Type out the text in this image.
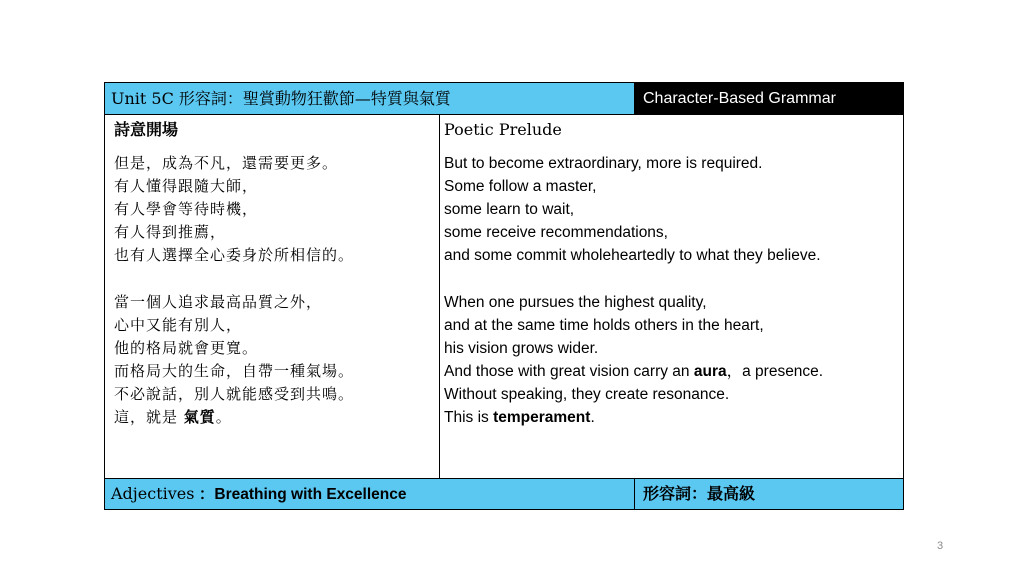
Unit 5C 形容詞：聖賞動物狂歡節—特質與氣質	Character-Based Grammar
詩意開場
但是，成為不凡，還需要更多。
有人懂得跟隨大師，
有人學會等待時機，
有人得到推薦，
也有人選擇全心委身於所相信的。
當一個人追求最高品質之外，
心中又能有別人，
他的格局就會更寬。
而格局大的生命，自帶一種氣場。
不必說話，別人就能感受到共鳴。
這，就是 氣質。
Poetic Prelude
But to become extraordinary, more is required.
Some follow a master,
some learn to wait,
some receive recommendations,
and some commit wholeheartedly to what they believe.
When one pursues the highest quality,
and at the same time holds others in the heart,
his vision grows wider.
And those with great vision carry an aura，a presence.
Without speaking, they create resonance.
This is temperament.
Adjectives ：Breathing with Excellence	形容詞：最高級
3
